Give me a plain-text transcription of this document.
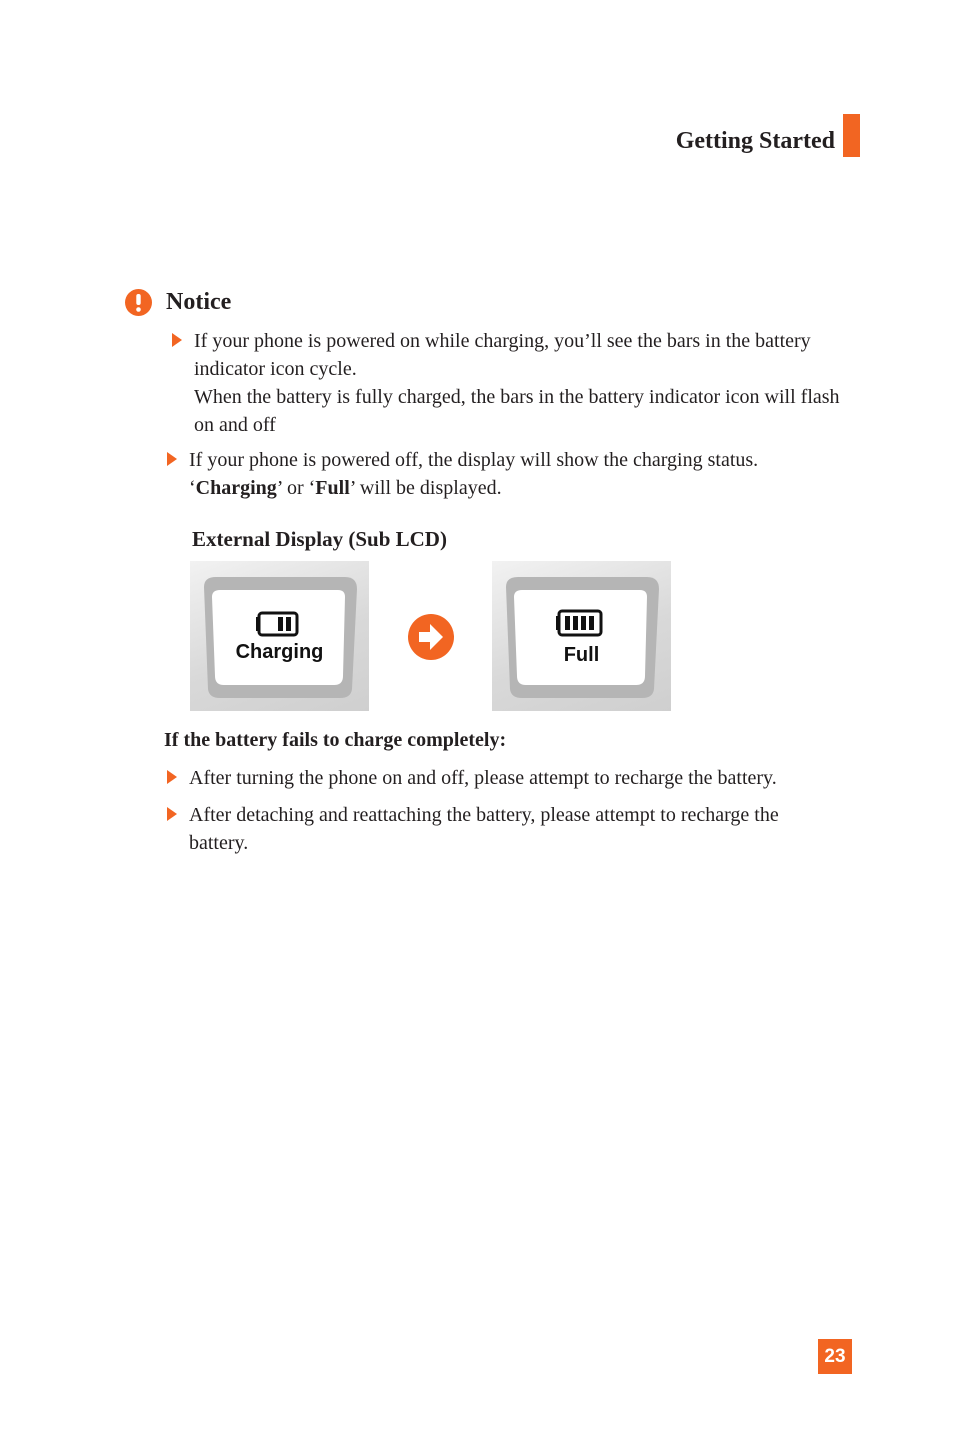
Getting Started
Notice
If your phone is powered on while charging, you’ll see the bars in the battery indicator icon cycle.
When the battery is fully charged, the bars in the battery indicator icon will flash on and off
If your phone is powered off, the display will show the charging status.
‘Charging’ or ‘Full’ will be displayed.
External Display (Sub LCD)
Charging	Full
If the battery fails to charge completely:
After turning the phone on and off, please attempt to recharge the battery.
After detaching and reattaching the battery, please attempt to recharge the battery.
23
